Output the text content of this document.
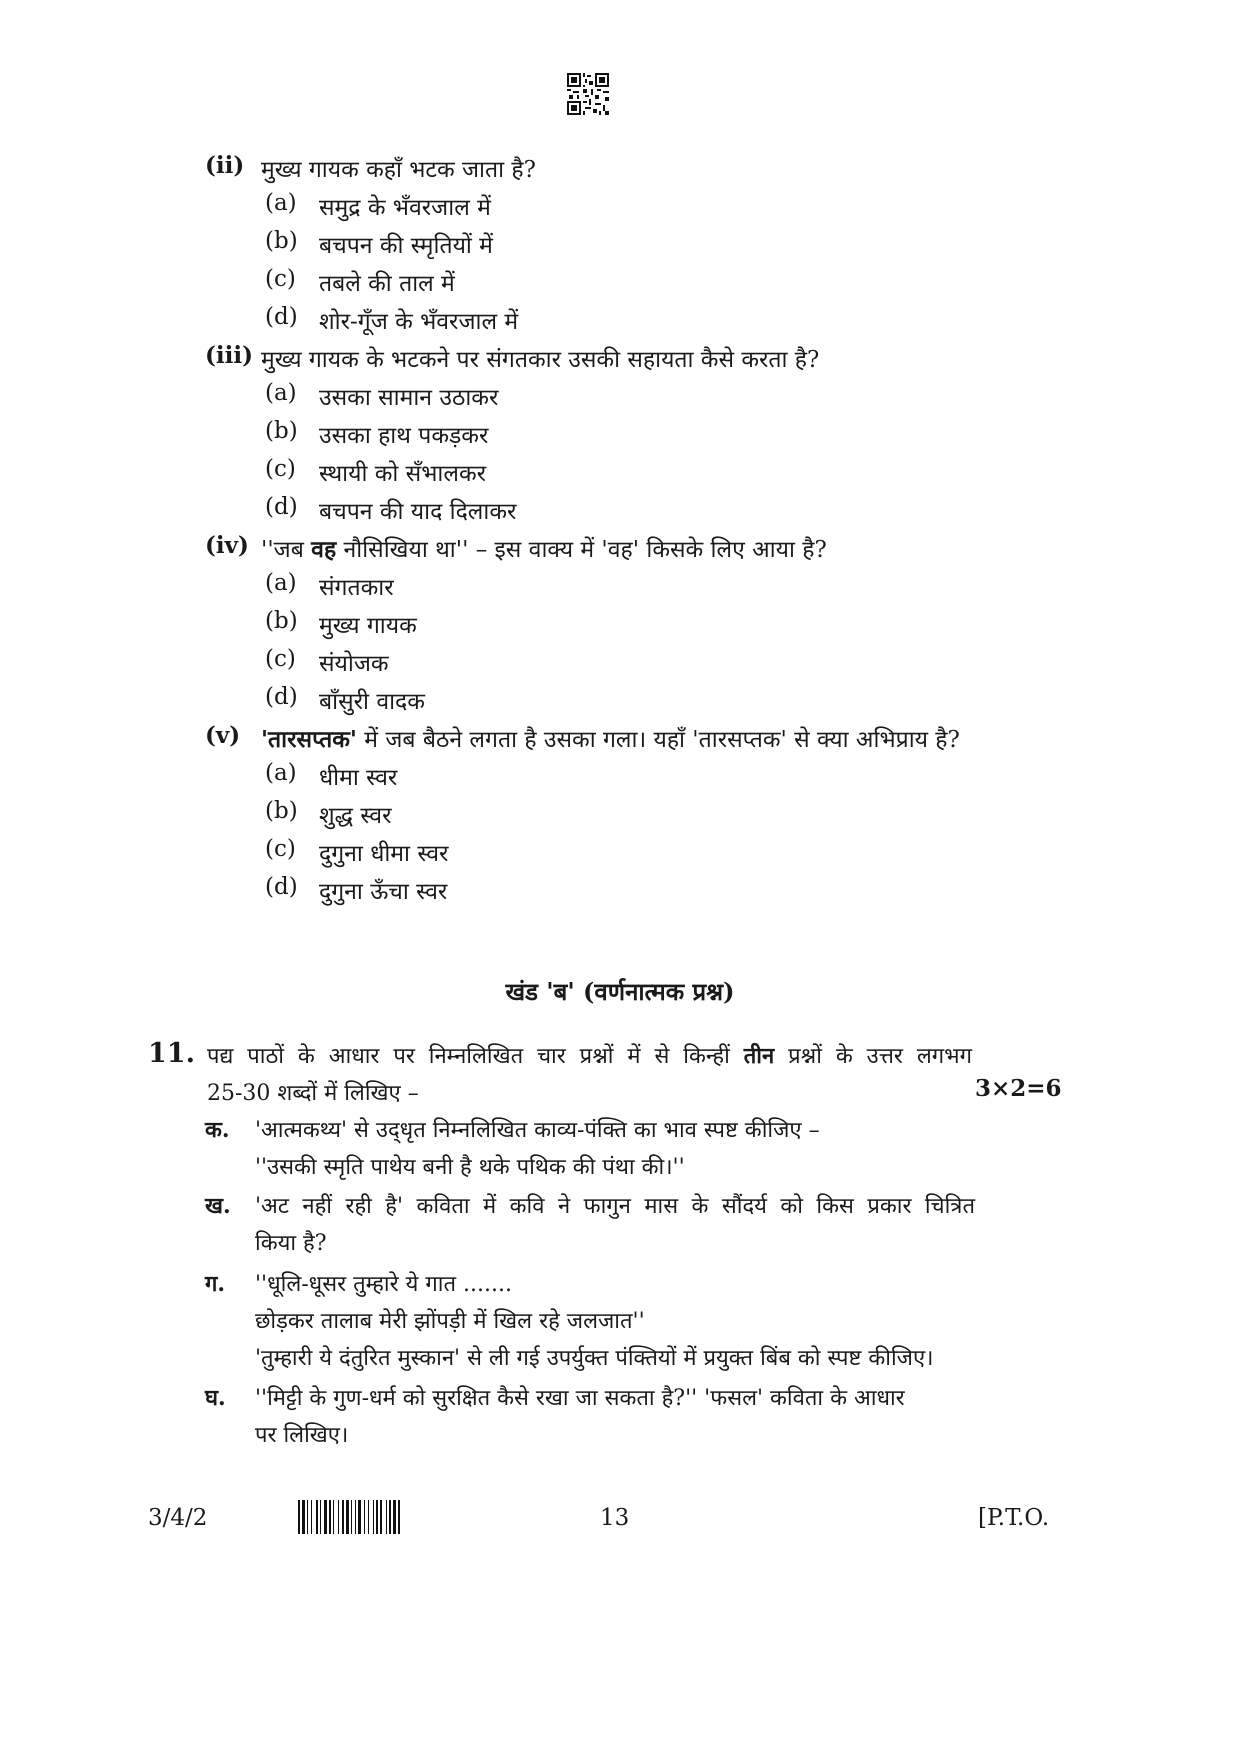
(ii) मुख्य गायक कहाँ भटक जाता है?
(a) समुद्र के भँवरजाल में
(b) बचपन की स्मृतियों में
(c) तबले की ताल में
(d) शोर-गूँज के भँवरजाल में
(iii) मुख्य गायक के भटकने पर संगतकार उसकी सहायता कैसे करता है?
(a) उसका सामान उठाकर
(b) उसका हाथ पकड़कर
(c) स्थायी को सँभालकर
(d) बचपन की याद दिलाकर
(iv) ''जब वह नौसिखिया था'' – इस वाक्य में 'वह' किसके लिए आया है?
(a) संगतकार
(b) मुख्य गायक
(c) संयोजक
(d) बाँसुरी वादक
(v) 'तारसप्तक' में जब बैठने लगता है उसका गला। यहाँ 'तारसप्तक' से क्या अभिप्राय है?
(a) धीमा स्वर
(b) शुद्ध स्वर
(c) दुगुना धीमा स्वर
(d) दुगुना ऊँचा स्वर
खंड 'ब' (वर्णनात्मक प्रश्न)
11. पद्य पाठों के आधार पर निम्नलिखित चार प्रश्नों में से किन्हीं तीन प्रश्नों के उत्तर लगभग
25-30 शब्दों में लिखिए –	3×2=6
क. 'आत्मकथ्य' से उद्‌धृत निम्नलिखित काव्य-पंक्ति का भाव स्पष्ट कीजिए –
''उसकी स्मृति पाथेय बनी है थके पथिक की पंथा की।''
ख. 'अट नहीं रही है' कविता में कवि ने फागुन मास के सौंदर्य को किस प्रकार चित्रित
किया है?
ग. ''धूलि-धूसर तुम्हारे ये गात .......
छोड़कर तालाब मेरी झोंपड़ी में खिल रहे जलजात''
'तुम्हारी ये दंतुरित मुस्कान' से ली गई उपर्युक्त पंक्तियों में प्रयुक्त बिंब को स्पष्ट कीजिए।
घ. ''मिट्टी के गुण-धर्म को सुरक्षित कैसे रखा जा सकता है?'' 'फसल' कविता के आधार
पर लिखिए।
3/4/2	13	[P.T.O.
